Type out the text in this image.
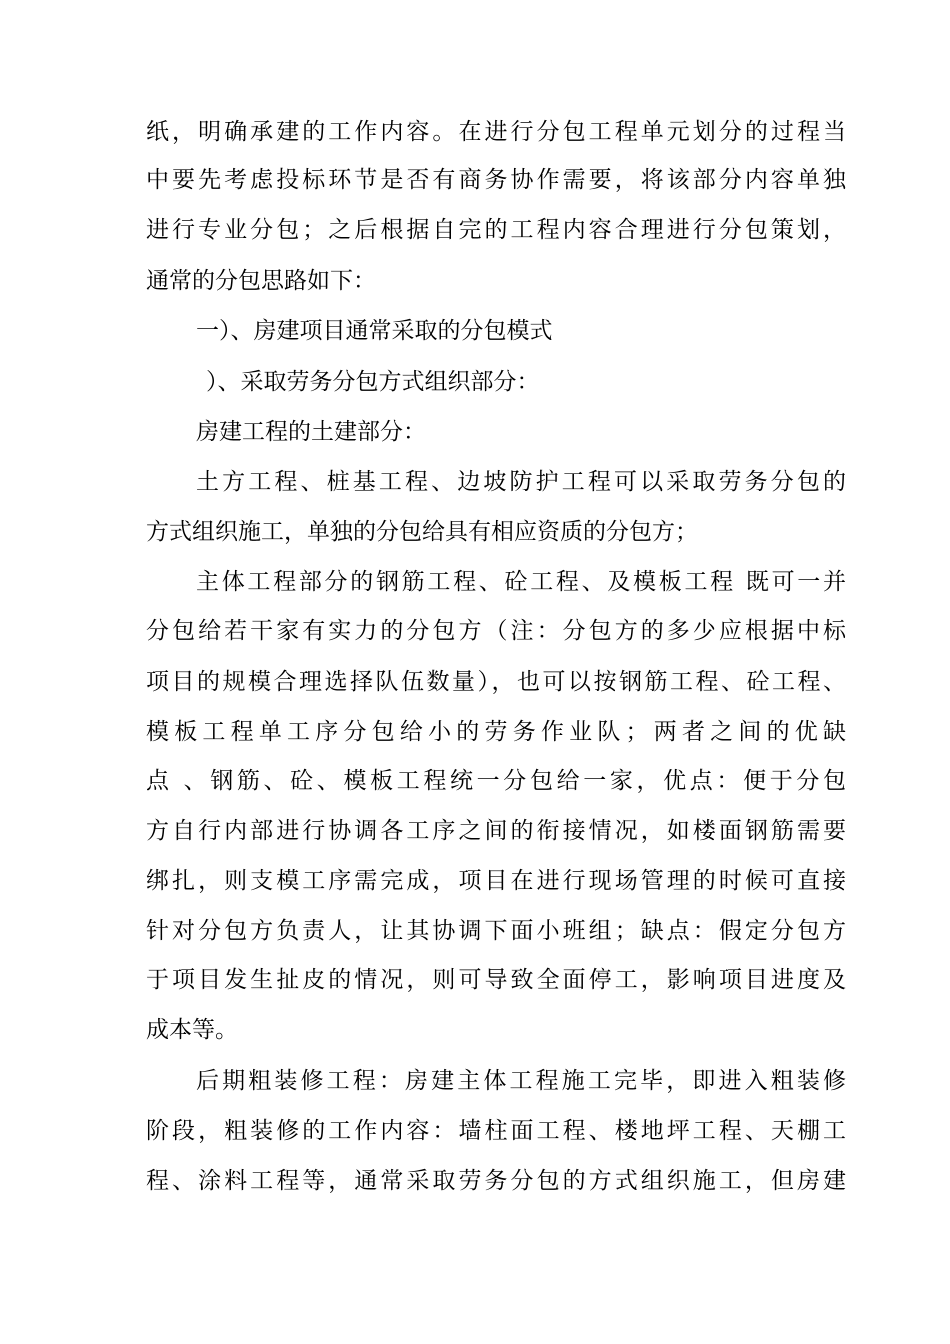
纸，明确承建的工作内容。在进行分包工程单元划分的过程当
中要先考虑投标环节是否有商务协作需要，将该部分内容单独
进行专业分包；之后根据自完的工程内容合理进行分包策划，
通常的分包思路如下：
一）、房建项目通常采取的分包模式
）、采取劳务分包方式组织部分：
房建工程的土建部分：
土方工程、桩基工程、边坡防护工程可以采取劳务分包的
方式组织施工，单独的分包给具有相应资质的分包方；
主体工程部分的钢筋工程、砼工程、及模板工程 既可一并
分包给若干家有实力的分包方（注：分包方的多少应根据中标
项目的规模合理选择队伍数量），也可以按钢筋工程、砼工程、
模板工程单工序分包给小的劳务作业队；两者之间的优缺
点 、钢筋、砼、模板工程统一分包给一家，优点：便于分包
方自行内部进行协调各工序之间的衔接情况，如楼面钢筋需要
绑扎，则支模工序需完成，项目在进行现场管理的时候可直接
针对分包方负责人，让其协调下面小班组；缺点：假定分包方
于项目发生扯皮的情况，则可导致全面停工，影响项目进度及
成本等。
后期粗装修工程：房建主体工程施工完毕，即进入粗装修
阶段，粗装修的工作内容：墙柱面工程、楼地坪工程、天棚工
程、涂料工程等，通常采取劳务分包的方式组织施工，但房建
